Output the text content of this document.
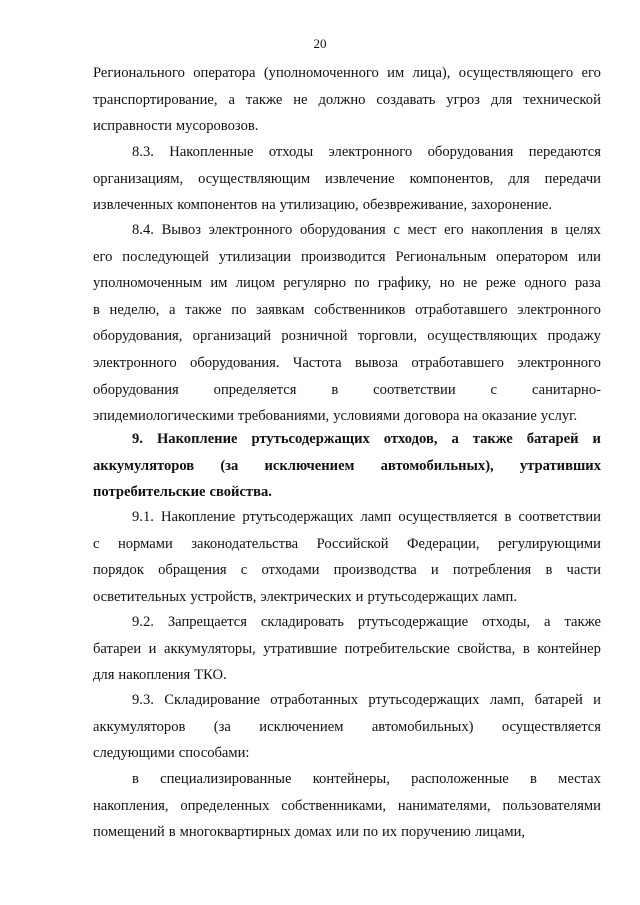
20
Регионального оператора (уполномоченного им лица), осуществляющего его
транспортирование, а также не должно создавать угроз для технической
исправности мусоровозов.
8.3. Накопленные отходы электронного оборудования передаются
организациям, осуществляющим извлечение компонентов, для передачи
извлеченных компонентов на утилизацию, обезвреживание, захоронение.
8.4. Вывоз электронного оборудования с мест его накопления в целях
его последующей утилизации производится Региональным оператором или
уполномоченным им лицом регулярно по графику, но не реже одного раза
в неделю, а также по заявкам собственников отработавшего электронного
оборудования, организаций розничной торговли, осуществляющих продажу
электронного оборудования. Частота вывоза отработавшего электронного
оборудования определяется в соответствии с санитарно-
эпидемиологическими требованиями, условиями договора на оказание услуг.
9. Накопление ртутьсодержащих отходов, а также батарей и
аккумуляторов (за исключением автомобильных), утративших
потребительские свойства.
9.1. Накопление ртутьсодержащих ламп осуществляется в соответствии
с нормами законодательства Российской Федерации, регулирующими
порядок обращения с отходами производства и потребления в части
осветительных устройств, электрических и ртутьсодержащих ламп.
9.2. Запрещается складировать ртутьсодержащие отходы, а также
батареи и аккумуляторы, утратившие потребительские свойства, в контейнер
для накопления ТКО.
9.3. Складирование отработанных ртутьсодержащих ламп, батарей и
аккумуляторов (за исключением автомобильных) осуществляется
следующими способами:
в специализированные контейнеры, расположенные в местах
накопления, определенных собственниками, нанимателями, пользователями
помещений в многоквартирных домах или по их поручению лицами,
